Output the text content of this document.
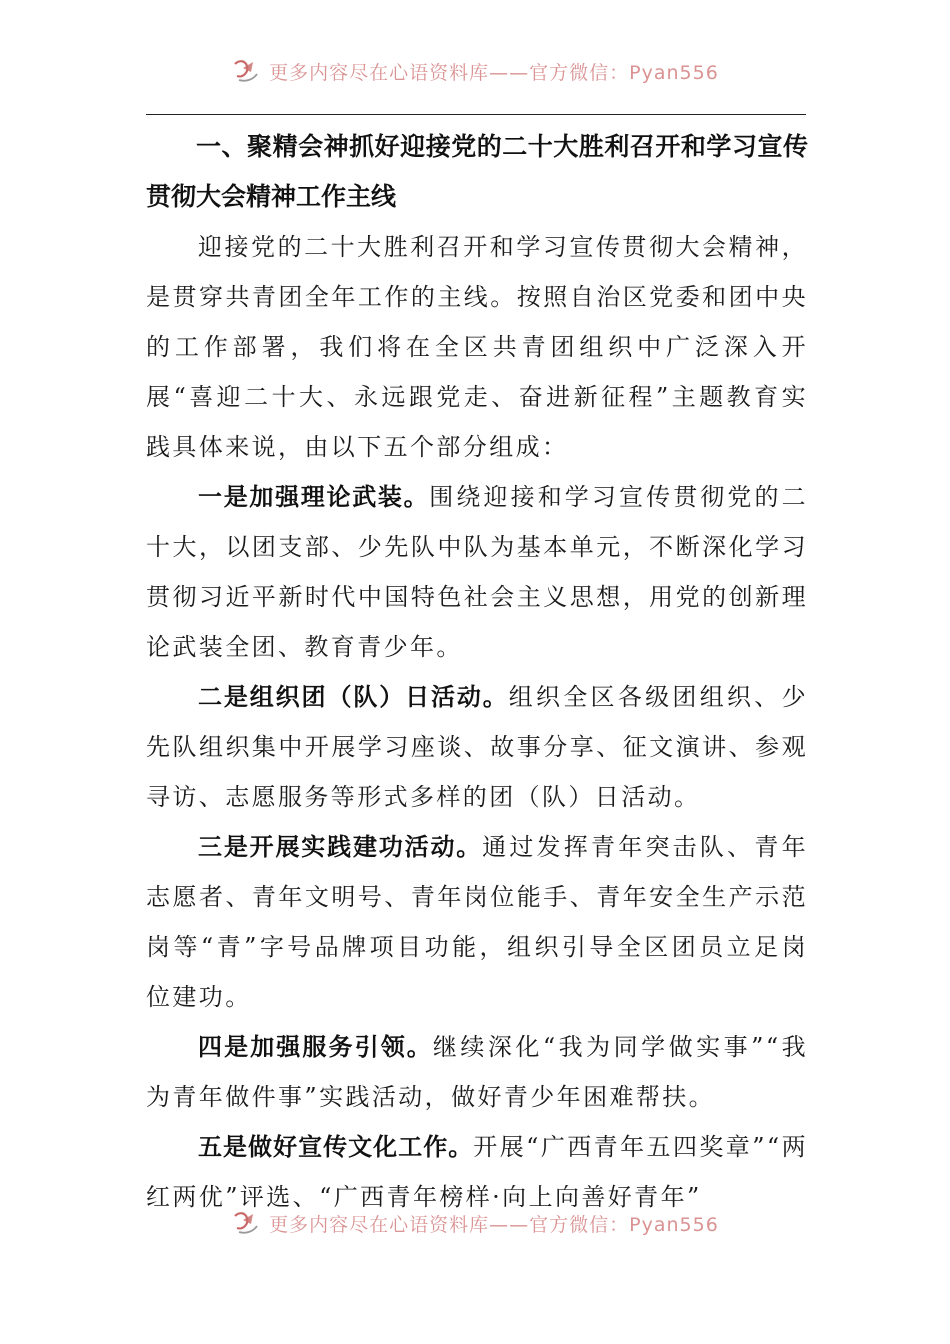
更多内容尽在心语资料库——官方微信：Pyan556
一、聚精会神抓好迎接党的二十大胜利召开和学习宣传贯彻大会精神工作主线

迎接党的二十大胜利召开和学习宣传贯彻大会精神，是贯穿共青团全年工作的主线。按照自治区党委和团中央的工作部署，我们将在全区共青团组织中广泛深入开展“喜迎二十大、永远跟党走、奋进新征程”主题教育实践具体来说，由以下五个部分组成：

一是加强理论武装。围绕迎接和学习宣传贯彻党的二十大，以团支部、少先队中队为基本单元，不断深化学习贯彻习近平新时代中国特色社会主义思想，用党的创新理论武装全团、教育青少年。

二是组织团（队）日活动。组织全区各级团组织、少先队组织集中开展学习座谈、故事分享、征文演讲、参观寻访、志愿服务等形式多样的团（队）日活动。

三是开展实践建功活动。通过发挥青年突击队、青年志愿者、青年文明号、青年岗位能手、青年安全生产示范岗等“青”字号品牌项目功能，组织引导全区团员立足岗位建功。

四是加强服务引领。继续深化“我为同学做实事”“我为青年做件事”实践活动，做好青少年困难帮扶。

五是做好宣传文化工作。开展“广西青年五四奖章”“两红两优”评选、“广西青年榜样·向上向善好青年”

更多内容尽在心语资料库——官方微信：Pyan556
